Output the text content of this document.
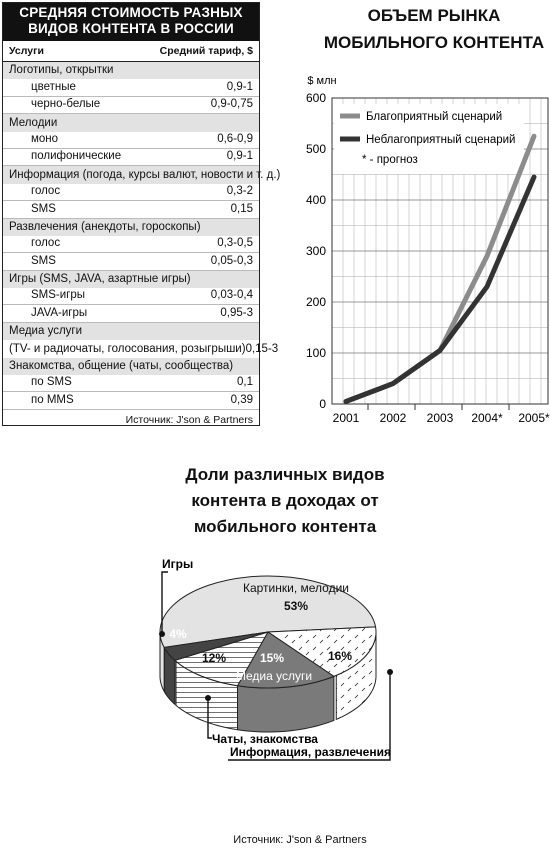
СРЕДНЯЯ СТОИМОСТЬ РАЗНЫХ
ВИДОВ КОНТЕНТА В РОССИИ
Услуги	Средний тариф, $
Логотипы, открытки
цветные	0,9-1
черно-белые	0,9-0,75
Мелодии
моно	0,6-0,9
полифонические	0,9-1
Информация (погода, курсы валют, новости и т. д.)
голос	0,3-2
SMS	0,15
Развлечения (анекдоты, гороскопы)
голос	0,3-0,5
SMS	0,05-0,3
Игры (SMS, JAVA, азартные игры)
SMS-игры	0,03-0,4
JAVA-игры	0,95-3
Медиа услуги
(TV- и радиочаты, голосования, розыгрыши) 0,15-3
Знакомства, общение (чаты, сообщества)
по SMS	0,1
по MMS	0,39
Источник: J'son & Partners
ОБЪЕМ РЫНКА
МОБИЛЬНОГО КОНТЕНТА
0
100
200
300
400
500
600
$ млн
2001 2002 2003 2004* 2005*
Благоприятный сценарий
Неблагоприятный сценарий
* - прогноз
Доли различных видов
контента в доходах от
мобильного контента
Картинки, мелодии
53%
16%
15%
Медиа услуги
12%
4%
Игры
Чаты, знакомства
Информация, развлечения
Источник: J'son & Partners
